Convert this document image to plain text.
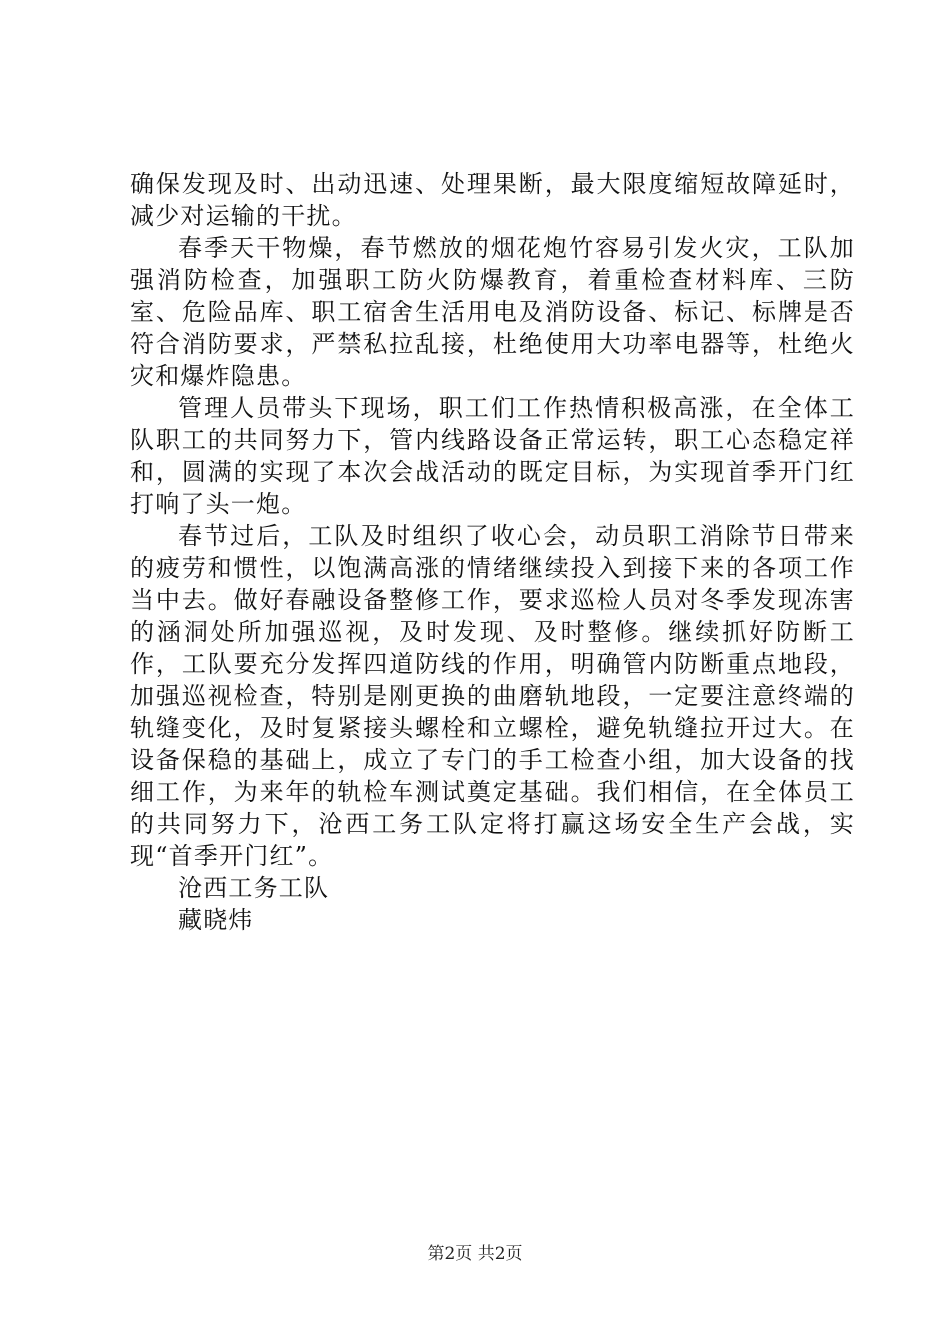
确保发现及时、出动迅速、处理果断，最大限度缩短故障延时，减少对运输的干扰。

春季天干物燥，春节燃放的烟花炮竹容易引发火灾，工队加强消防检查，加强职工防火防爆教育，着重检查材料库、三防室、危险品库、职工宿舍生活用电及消防设备、标记、标牌是否符合消防要求，严禁私拉乱接，杜绝使用大功率电器等，杜绝火灾和爆炸隐患。

管理人员带头下现场，职工们工作热情积极高涨，在全体工队职工的共同努力下，管内线路设备正常运转，职工心态稳定祥和，圆满的实现了本次会战活动的既定目标，为实现首季开门红打响了头一炮。

春节过后，工队及时组织了收心会，动员职工消除节日带来的疲劳和惯性，以饱满高涨的情绪继续投入到接下来的各项工作当中去。做好春融设备整修工作，要求巡检人员对冬季发现冻害的涵洞处所加强巡视，及时发现、及时整修。继续抓好防断工作，工队要充分发挥四道防线的作用，明确管内防断重点地段，加强巡视检查，特别是刚更换的曲磨轨地段，一定要注意终端的轨缝变化，及时复紧接头螺栓和立螺栓，避免轨缝拉开过大。在设备保稳的基础上，成立了专门的手工检查小组，加大设备的找细工作，为来年的轨检车测试奠定基础。我们相信，在全体员工的共同努力下，沧西工务工队定将打赢这场安全生产会战，实现“首季开门红”。

沧西工务工队

藏晓炜

第2页 共2页
